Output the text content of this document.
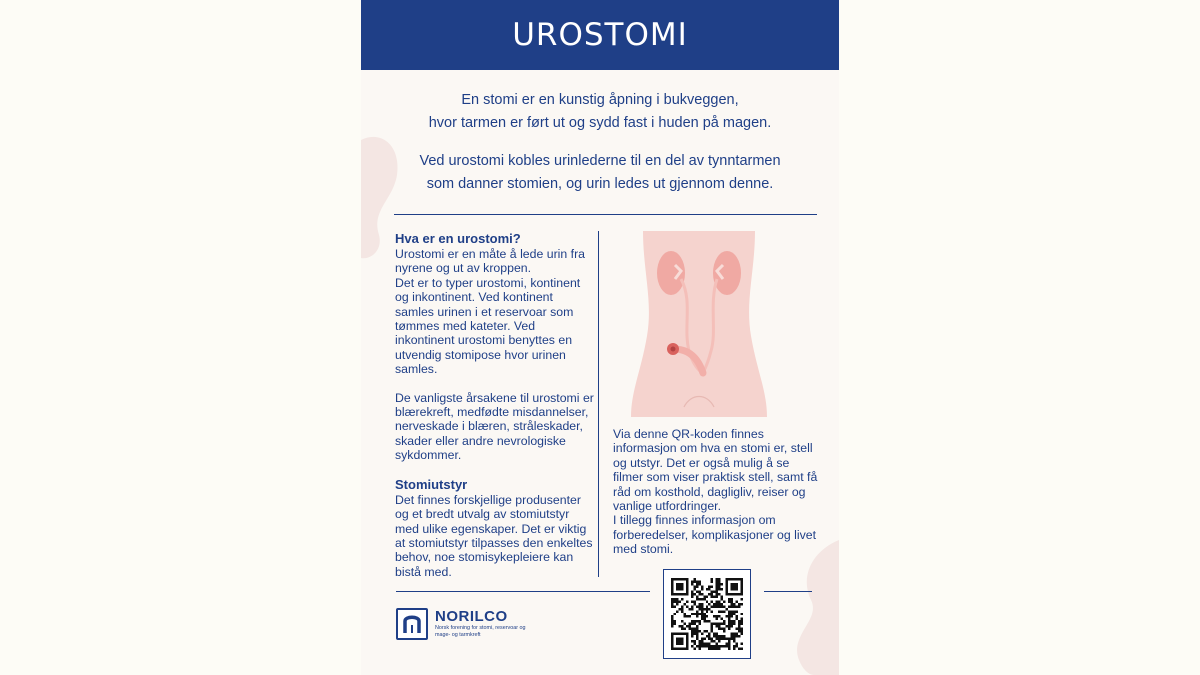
UROSTOMI

En stomi er en kunstig åpning i bukveggen,
hvor tarmen er ført ut og sydd fast i huden på magen.

Ved urostomi kobles urinlederne til en del av tynntarmen
som danner stomien, og urin ledes ut gjennom denne.

Hva er en urostomi?

Urostomi er en måte å lede urin fra nyrene og ut av kroppen.

Det er to typer urostomi, kontinent og inkontinent. Ved kontinent samles urinen i et reservoar som tømmes med kateter. Ved inkontinent urostomi benyttes en utvendig stomipose hvor urinen samles.

De vanligste årsakene til urostomi er blærekreft, medfødte misdannelser, nerveskade i blæren, stråleskader, skader eller andre nevrologiske sykdommer.

Stomiutstyr

Det finnes forskjellige produsenter og et bredt utvalg av stomiutstyr med ulike egenskaper. Det er viktig at stomiutstyr tilpasses den enkeltes behov, noe stomisykepleiere kan bistå med.

Via denne QR-koden finnes informasjon om hva en stomi er, stell og utstyr. Det er også mulig å se filmer som viser praktisk stell, samt få råd om kosthold, dagligliv, reiser og vanlige utfordringer.
I tillegg finnes informasjon om forberedelser, komplikasjoner og livet med stomi.

NORILCO
Norsk forening for stomi, reservoar og mage- og tarmkreft
